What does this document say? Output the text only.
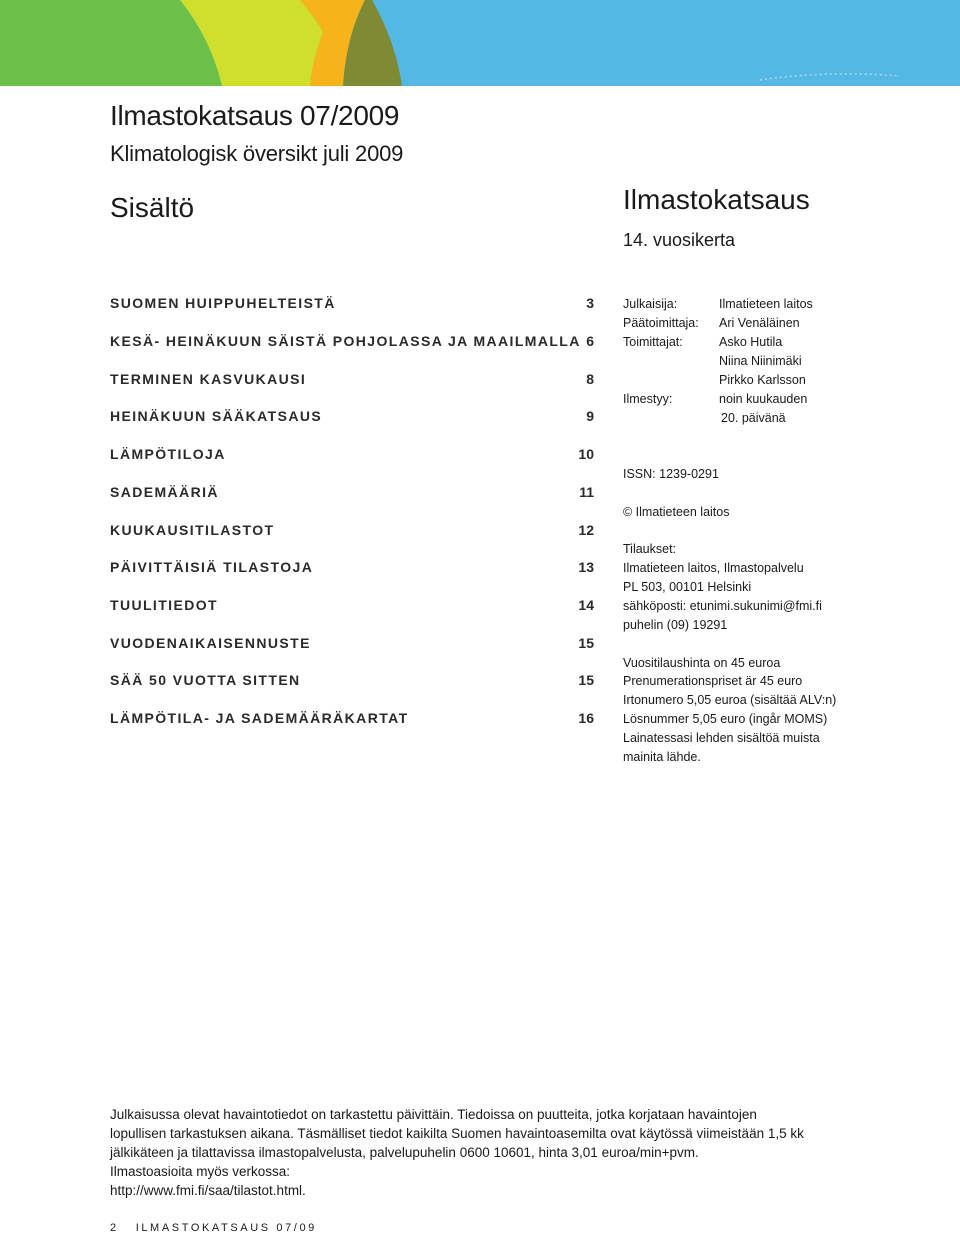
Ilmastokatsaus 07/2009
Klimatologisk översikt juli 2009
Sisältö	Ilmastokatsaus
14. vuosikerta
SUOMEN HUIPPUHELTEISTÄ	3
KESÄ- HEINÄKUUN SÄISTÄ POHJOLASSA JA MAAILMALLA 6
TERMINEN KASVUKAUSI	8
HEINÄKUUN SÄÄKATSAUS	9
LÄMPÖTILOJA	10
SADEMÄÄRIÄ	11
KUUKAUSITILASTOT	12
PÄIVITTÄISIÄ TILASTOJA	13
TUULITIEDOT	14
VUODENAIKAISENNUSTE	15
SÄÄ 50 VUOTTA SITTEN	15
LÄMPÖTILA- JA SADEMÄÄRÄKARTAT	16
Julkaisija:	Ilmatieteen laitos
Päätoimittaja: Ari Venäläinen
Toimittajat:	Asko Hutila
Niina Niinimäki
Pirkko Karlsson
Ilmestyy:	noin kuukauden
20. päivänä
ISSN: 1239-0291
© Ilmatieteen laitos
Tilaukset:
Ilmatieteen laitos, Ilmastopalvelu
PL 503, 00101 Helsinki
sähköposti: etunimi.sukunimi@fmi.fi
puhelin (09) 19291
Vuositilaushinta on 45 euroa
Prenumerationspriset är 45 euro
Irtonumero 5,05 euroa (sisältää ALV:n)
Lösnummer 5,05 euro (ingår MOMS)
Lainatessasi lehden sisältöä muista
mainita lähde.

Julkaisussa olevat havaintotiedot on tarkastettu päivittäin. Tiedoissa on puutteita, jotka korjataan havaintojen

lopullisen tarkastuksen aikana. Täsmälliset tiedot kaikilta Suomen havaintoasemilta ovat käytössä viimeistään 1,5 kk

jälkikäteen ja tilattavissa ilmastopalvelusta, palvelupuhelin 0600 10601, hinta 3,01 euroa/min+pvm.

Ilmastoasioita myös verkossa:

http://www.fmi.fi/saa/tilastot.html.

2 ILMASTOKATSAUS 07/09
